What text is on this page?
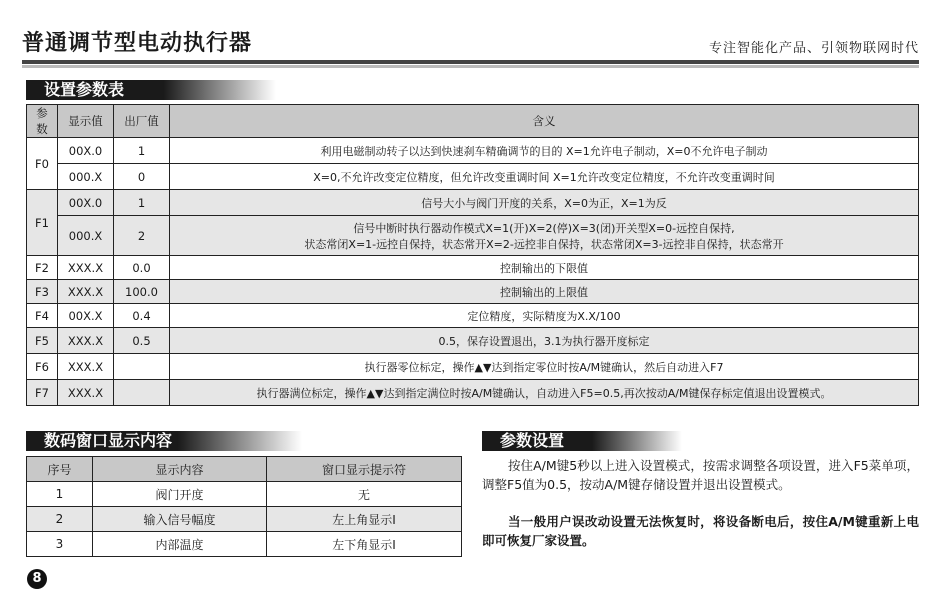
普通调节型电动执行器	专注智能化产品、引领物联网时代
设置参数表
参数	显示值	出厂值	含义
F0	00X.0	1	利用电磁制动转子以达到快速刹车精确调节的目的 X=1允许电子制动，X=0不允许电子制动
	000.X	0	X=0,不允许改变定位精度，但允许改变重调时间 X=1允许改变定位精度，不允许改变重调时间
F1	00X.0	1	信号大小与阀门开度的关系，X=0为正，X=1为反
	000.X	2	信号中断时执行器动作模式X=1(开)X=2(停)X=3(闭)开关型X=0-远控自保持,
状态常闭X=1-远控自保持，状态常开X=2-远控非自保持，状态常闭X=3-远控非自保持，状态常开

F2	XXX.X	0.0	控制输出的下限值
F3	XXX.X	100.0	控制输出的上限值
F4	00X.X	0.4	定位精度，实际精度为X.X/100
F5	XXX.X	0.5	0.5，保存设置退出，3.1为执行器开度标定
F6	XXX.X		执行器零位标定，操作▲▼达到指定零位时按A/M键确认，然后自动进入F7
F7	XXX.X		执行器满位标定，操作▲▼达到指定满位时按A/M键确认，自动进入F5=0.5,再次按动A/M键保存标定值退出设置模式。
数码窗口显示内容
序号	显示内容	窗口显示提示符
1	阀门开度	无
2	输入信号幅度	左上角显示Ⅰ
3	内部温度	左下角显示Ⅰ
参数设置
按住A/M键5秒以上进入设置模式，按需求调整各项设置，进入F5菜单项，调整F5值为0.5，按动A/M键存储设置并退出设置模式。
当一般用户误改动设置无法恢复时，将设备断电后，按住A/M键重新上电即可恢复厂家设置。
8
